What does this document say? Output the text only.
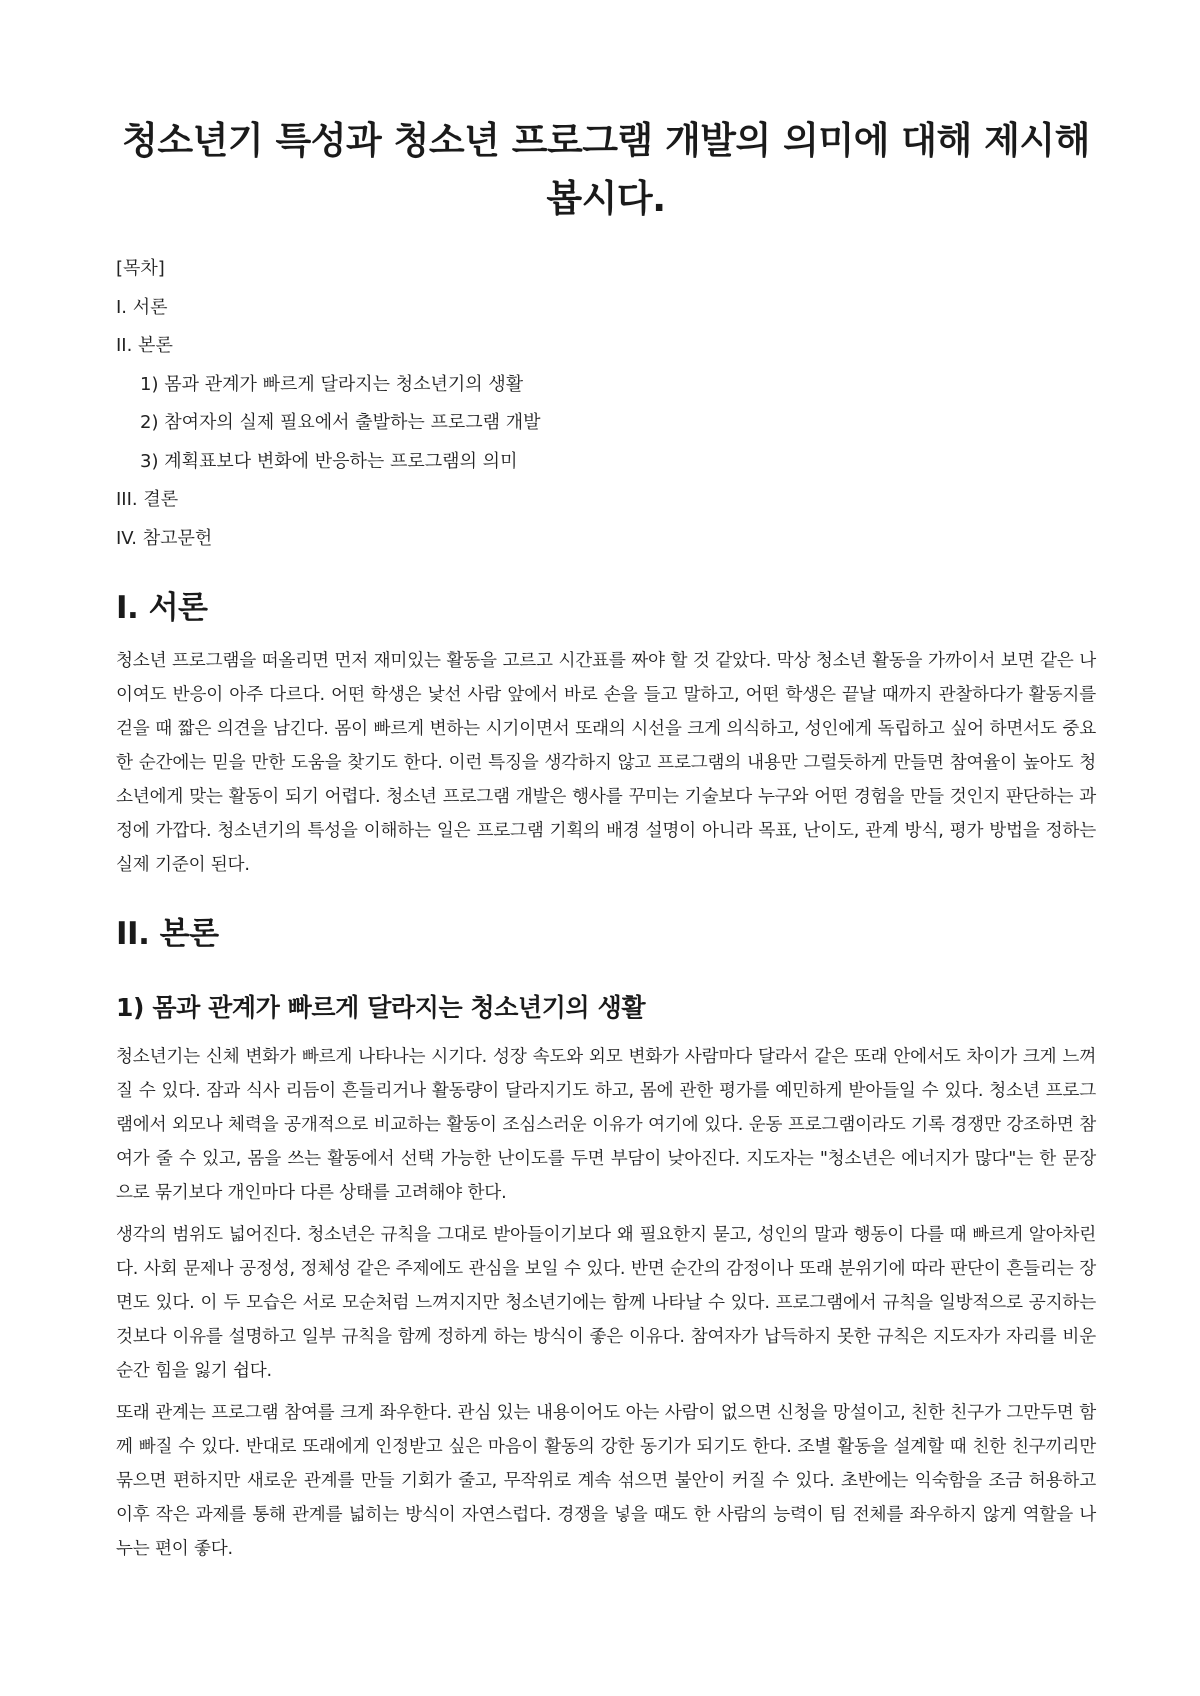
청소년기 특성과 청소년 프로그램 개발의 의미에 대해 제시해 봅시다.
[목차]
I. 서론
II. 본론
1) 몸과 관계가 빠르게 달라지는 청소년기의 생활
2) 참여자의 실제 필요에서 출발하는 프로그램 개발
3) 계획표보다 변화에 반응하는 프로그램의 의미
III. 결론
IV. 참고문헌
I. 서론

청소년 프로그램을 떠올리면 먼저 재미있는 활동을 고르고 시간표를 짜야 할 것 같았다. 막상 청소년 활동을 가까이서 보면 같은 나이여도 반응이 아주 다르다. 어떤 학생은 낯선 사람 앞에서 바로 손을 들고 말하고, 어떤 학생은 끝날 때까지 관찰하다가 활동지를 걷을 때 짧은 의견을 남긴다. 몸이 빠르게 변하는 시기이면서 또래의 시선을 크게 의식하고, 성인에게 독립하고 싶어 하면서도 중요한 순간에는 믿을 만한 도움을 찾기도 한다. 이런 특징을 생각하지 않고 프로그램의 내용만 그럴듯하게 만들면 참여율이 높아도 청소년에게 맞는 활동이 되기 어렵다. 청소년 프로그램 개발은 행사를 꾸미는 기술보다 누구와 어떤 경험을 만들 것인지 판단하는 과정에 가깝다. 청소년기의 특성을 이해하는 일은 프로그램 기획의 배경 설명이 아니라 목표, 난이도, 관계 방식, 평가 방법을 정하는 실제 기준이 된다.

II. 본론
1) 몸과 관계가 빠르게 달라지는 청소년기의 생활

청소년기는 신체 변화가 빠르게 나타나는 시기다. 성장 속도와 외모 변화가 사람마다 달라서 같은 또래 안에서도 차이가 크게 느껴질 수 있다. 잠과 식사 리듬이 흔들리거나 활동량이 달라지기도 하고, 몸에 관한 평가를 예민하게 받아들일 수 있다. 청소년 프로그램에서 외모나 체력을 공개적으로 비교하는 활동이 조심스러운 이유가 여기에 있다. 운동 프로그램이라도 기록 경쟁만 강조하면 참여가 줄 수 있고, 몸을 쓰는 활동에서 선택 가능한 난이도를 두면 부담이 낮아진다. 지도자는 "청소년은 에너지가 많다"는 한 문장으로 묶기보다 개인마다 다른 상태를 고려해야 한다.

생각의 범위도 넓어진다. 청소년은 규칙을 그대로 받아들이기보다 왜 필요한지 묻고, 성인의 말과 행동이 다를 때 빠르게 알아차린다. 사회 문제나 공정성, 정체성 같은 주제에도 관심을 보일 수 있다. 반면 순간의 감정이나 또래 분위기에 따라 판단이 흔들리는 장면도 있다. 이 두 모습은 서로 모순처럼 느껴지지만 청소년기에는 함께 나타날 수 있다. 프로그램에서 규칙을 일방적으로 공지하는 것보다 이유를 설명하고 일부 규칙을 함께 정하게 하는 방식이 좋은 이유다. 참여자가 납득하지 못한 규칙은 지도자가 자리를 비운 순간 힘을 잃기 쉽다.

또래 관계는 프로그램 참여를 크게 좌우한다. 관심 있는 내용이어도 아는 사람이 없으면 신청을 망설이고, 친한 친구가 그만두면 함께 빠질 수 있다. 반대로 또래에게 인정받고 싶은 마음이 활동의 강한 동기가 되기도 한다. 조별 활동을 설계할 때 친한 친구끼리만 묶으면 편하지만 새로운 관계를 만들 기회가 줄고, 무작위로 계속 섞으면 불안이 커질 수 있다. 초반에는 익숙함을 조금 허용하고 이후 작은 과제를 통해 관계를 넓히는 방식이 자연스럽다. 경쟁을 넣을 때도 한 사람의 능력이 팀 전체를 좌우하지 않게 역할을 나누는 편이 좋다.
